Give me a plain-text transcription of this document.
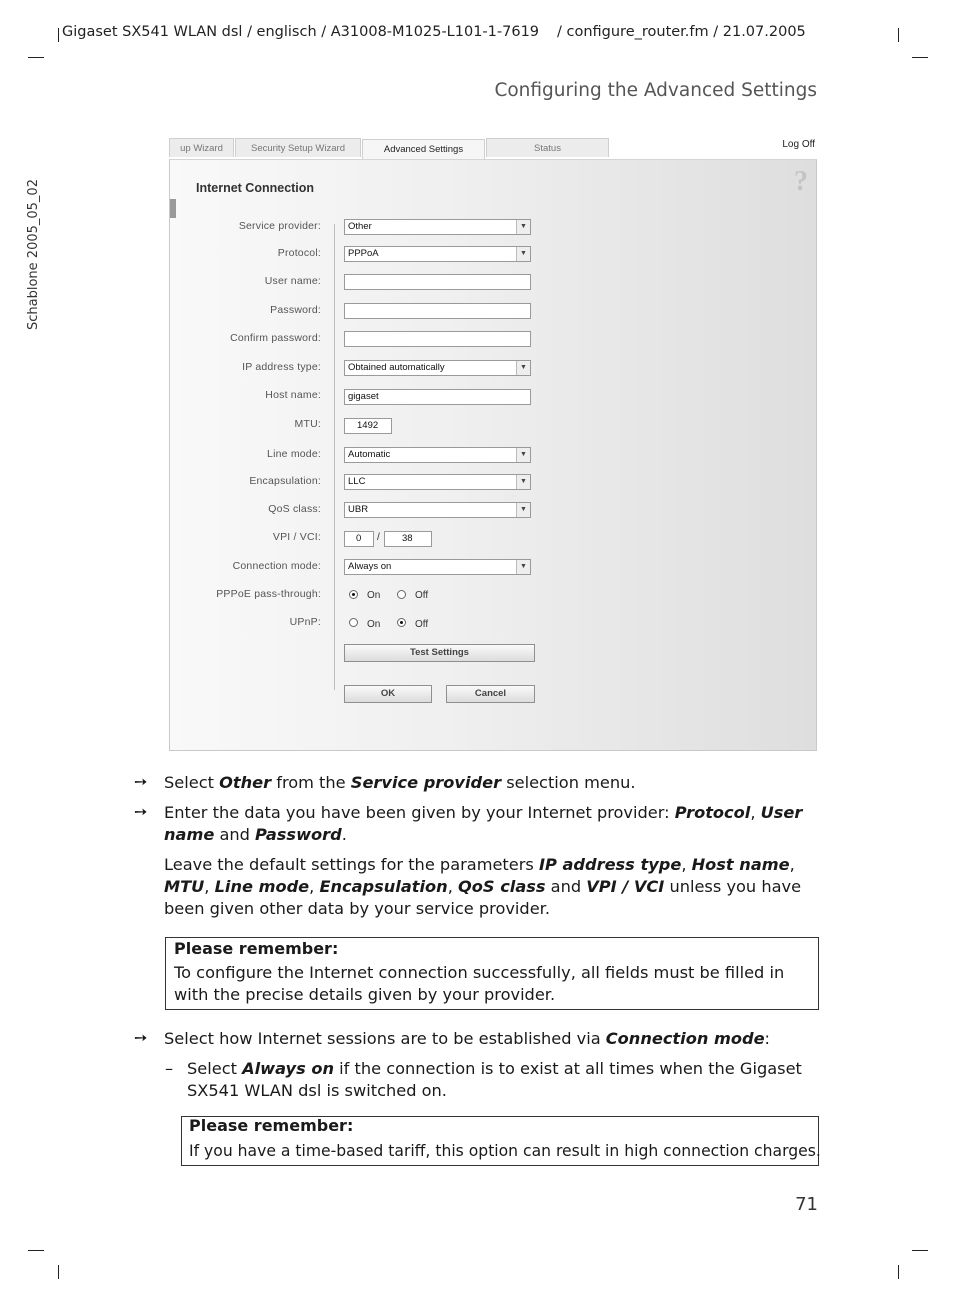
Gigaset SX541 WLAN dsl / englisch / A31008-M1025-L101-1-7619 / configure_router.fm / 21.07.2005
Configuring the Advanced Settings
Schablone 2005_05_02
up Wizard	Security Setup Wizard	Advanced Settings	Status	Log Off
Internet Connection	?
Service provider:	Other	▼
Protocol:	PPPoA	▼
User name:
Password:
Confirm password:
IP address type:	Obtained automatically	▼
Host name:	gigaset
MTU:	1492
Line mode:	Automatic	▼
Encapsulation:	LLC	▼
QoS class:	UBR	▼
VPI / VCI:	0	/	38
Connection mode:	Always on	▼
PPPoE pass-through:	On	Off
UPnP:	On	Off
Test Settings
OK	Cancel
➙ Select Other from the Service provider selection menu.
➙ Enter the data you have been given by your Internet provider: Protocol, User name and Password.
Leave the default settings for the parameters IP address type, Host name, MTU, Line mode, Encapsulation, QoS class and VPI / VCI unless you have been given other data by your service provider.
Please remember:
To configure the Internet connection successfully, all fields must be filled in with the precise details given by your provider.
➙ Select how Internet sessions are to be established via Connection mode:
– Select Always on if the connection is to exist at all times when the Gigaset SX541 WLAN dsl is switched on.
Please remember:
If you have a time-based tariff, this option can result in high connection charges.
71
